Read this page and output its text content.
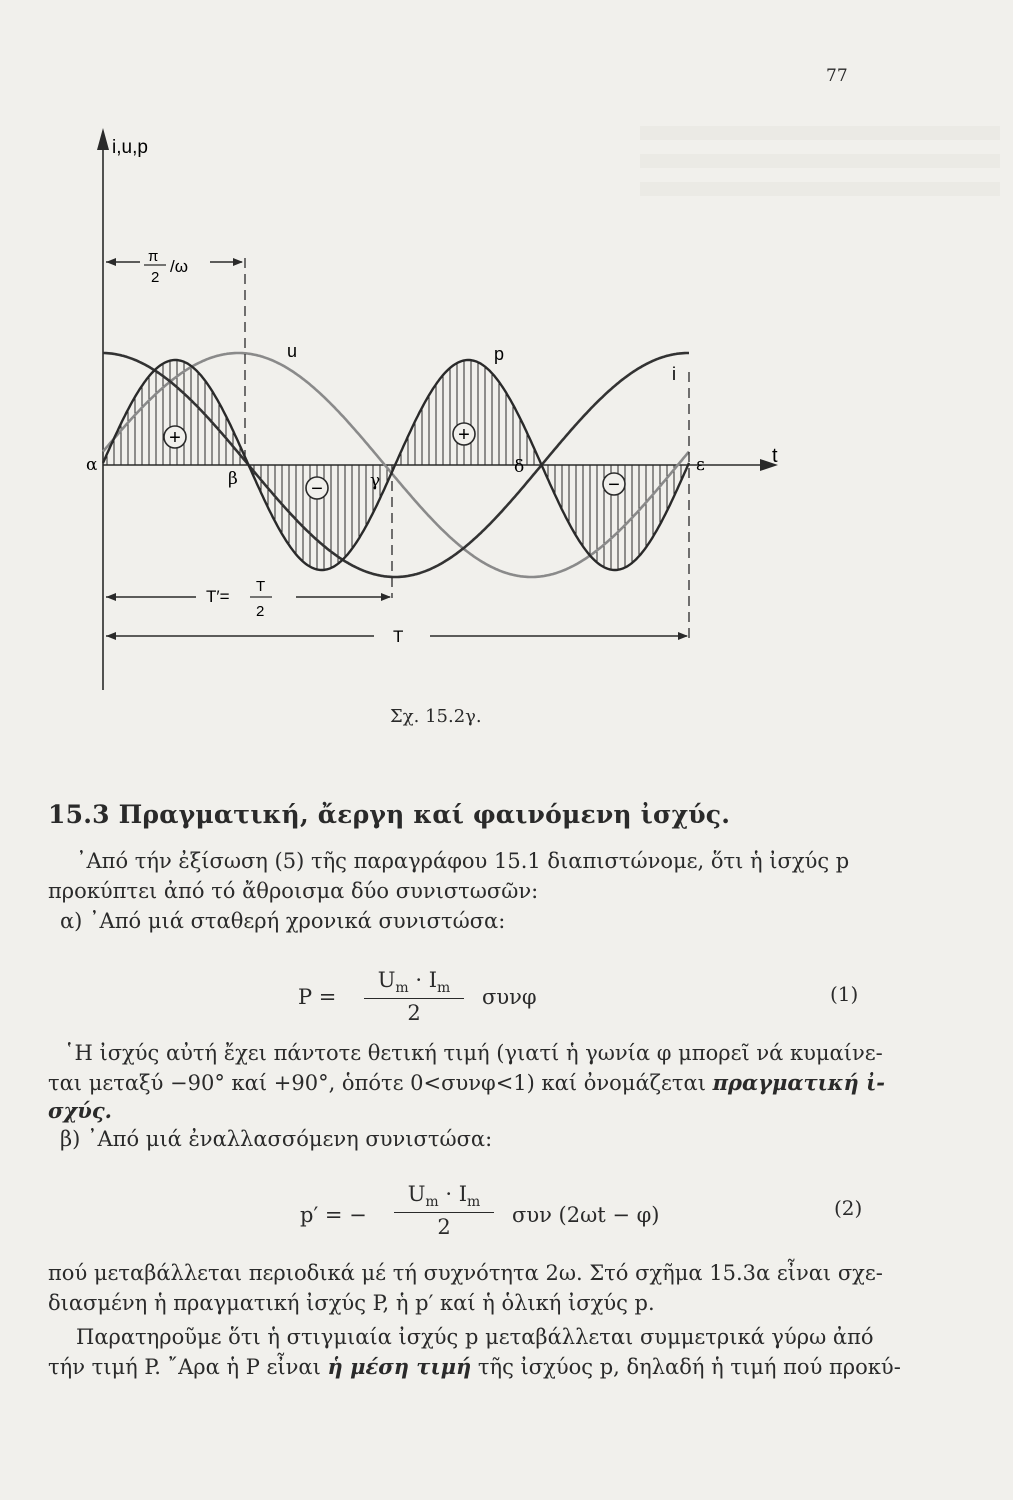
77
π
2
/ω
T′=
T
2
T
i,u,p
t
u	p
i
α
β	γ
δ	ε
+	+
−	−
Σχ. 15.2γ.
15.3 Πραγματική, ἄεργη καί φαινόμενη ἰσχύς.
᾿Από τήν ἐξίσωση (5) τῆς παραγράφου 15.1 διαπιστώνομε, ὅτι ἡ ἰσχύς p
προκύπτει ἀπό τό ἄθροισμα δύο συνιστωσῶν:
α) ᾿Από μιά σταθερή χρονικά συνιστώσα:
$P = \frac{U_m \cdot I_m}{2}$ συνφ	(1)
῾Η ἰσχύς αὐτή ἔχει πάντοτε θετική τιμή (γιατί ἡ γωνία φ μπορεῖ νά κυμαίνε-
ται μεταξύ −90° καί +90°, ὁπότε 0<συνφ<1) καί ὀνομάζεται πραγματική ἰ-
σχύς.
β) ᾿Από μιά ἐναλλασσόμενη συνιστώσα:
p′ = − $\frac{U_m \cdot I_m}{2}$ συν (2ωt − φ)	(2)
πού μεταβάλλεται περιοδικά μέ τή συχνότητα 2ω. Στό σχῆμα 15.3α εἶναι σχε-
διασμένη ἡ πραγματική ἰσχύς P, ἡ p′ καί ἡ ὁλική ἰσχύς p.
Παρατηροῦμε ὅτι ἡ στιγμιαία ἰσχύς p μεταβάλλεται συμμετρικά γύρω ἀπό
τήν τιμή P. ῎Αρα ἡ P εἶναι ἡ μέση τιμή τῆς ἰσχύος p, δηλαδή ἡ τιμή πού προκύ-
